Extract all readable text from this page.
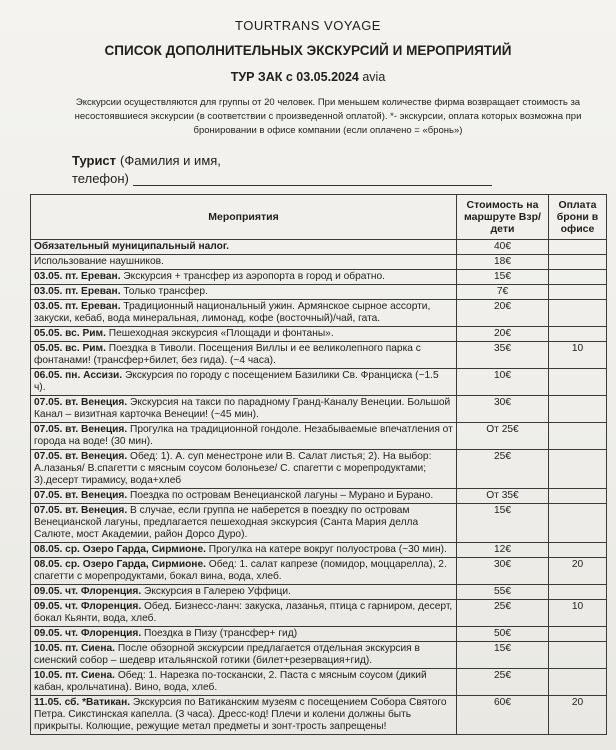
TOURTRANS VOYAGE
СПИСОК ДОПОЛНИТЕЛЬНЫХ ЭКСКУРСИЙ И МЕРОПРИЯТИЙ
ТУР ЗАК с 03.05.2024 avia
Экскурсии осуществляются для группы от 20 человек. При меньшем количестве фирма возвращает стоимость за несостоявшиеся экскурсии (в соответствии с произведенной оплатой). *- экскурсии, оплата которых возможна при бронировании в офисе компании (если оплачено = «бронь»)
Турист (Фамилия и имя,
телефон)
Мероприятия	Стоимость на маршруте Взр/дети	Оплата брони в офисе
Обязательный муниципальный налог.	40€	
Использование наушников.	18€	
03.05. пт. Ереван. Экскурсия + трансфер из аэропорта в город и обратно.	15€	
03.05. пт. Ереван. Только трансфер.	7€	
03.05. пт. Ереван. Традиционный национальный ужин. Армянское сырное ассорти, закуски, кебаб, вода минеральная, лимонад, кофе (восточный)/чай, гата.	20€	
05.05. вс. Рим. Пешеходная экскурсия «Площади и фонтаны».	20€	
05.05. вс. Рим. Поездка в Тиволи. Посещения Виллы и ее великолепного парка с фонтанами! (трансфер+билет, без гида). (~4 часа).	35€	10
06.05. пн. Ассизи. Экскурсия по городу с посещением Базилики Св. Франциска (~1.5 ч).	10€	
07.05. вт. Венеция. Экскурсия на такси по парадному Гранд-Каналу Венеции. Большой Канал – визитная карточка Венеции! (~45 мин).	30€	
07.05. вт. Венеция. Прогулка на традиционной гондоле. Незабываемые впечатления от города на воде! (30 мин).	От 25€	
07.05. вт. Венеция. Обед: 1). А. суп менестроне или В. Салат листья; 2). На выбор: А.лазанья/ В.спагетти с мясным соусом болоньезе/ С. спагетти с морепродуктами; 3).десерт тирамису, вода+хлеб	25€	
07.05. вт. Венеция. Поездка по островам Венецианской лагуны – Мурано и Бурано.	От 35€	
07.05. вт. Венеция. В случае, если группа не наберется в поездку по островам Венецианской лагуны, предлагается пешеходная экскурсия (Санта Мария делла Салюте, мост Академии, район Дорсо Дуро).	15€	
08.05. ср. Озеро Гарда, Сирмионе. Прогулка на катере вокруг полуострова (~30 мин).	12€	
08.05. ср. Озеро Гарда, Сирмионе. Обед: 1. салат капрезе (помидор, моццарелла), 2. спагетти с морепродуктами, бокал вина, вода, хлеб.	30€	20
09.05. чт. Флоренция. Экскурсия в Галерею Уффици.	55€	
09.05. чт. Флоренция. Обед. Бизнесс-ланч: закуска, лазанья, птица с гарниром, десерт, бокал Кьянти, вода, хлеб.	25€	10
09.05. чт. Флоренция. Поездка в Пизу (трансфер+ гид)	50€	
10.05. пт. Сиена. После обзорной экскурсии предлагается отдельная экскурсия в сиенский собор – шедевр итальянской готики (билет+резервация+гид).	15€	
10.05. пт. Сиена. Обед: 1. Нарезка по-тоскански, 2. Паста с мясным соусом (дикий кабан, крольчатина). Вино, вода, хлеб.	25€	
11.05. сб. *Ватикан. Экскурсия по Ватиканским музеям с посещением Собора Святого Петра. Сикстинская капелла. (3 часа). Дресс-код! Плечи и колени должны быть прикрыты. Колющие, режущие метал предметы и зонт-трость запрещены!	60€	20
